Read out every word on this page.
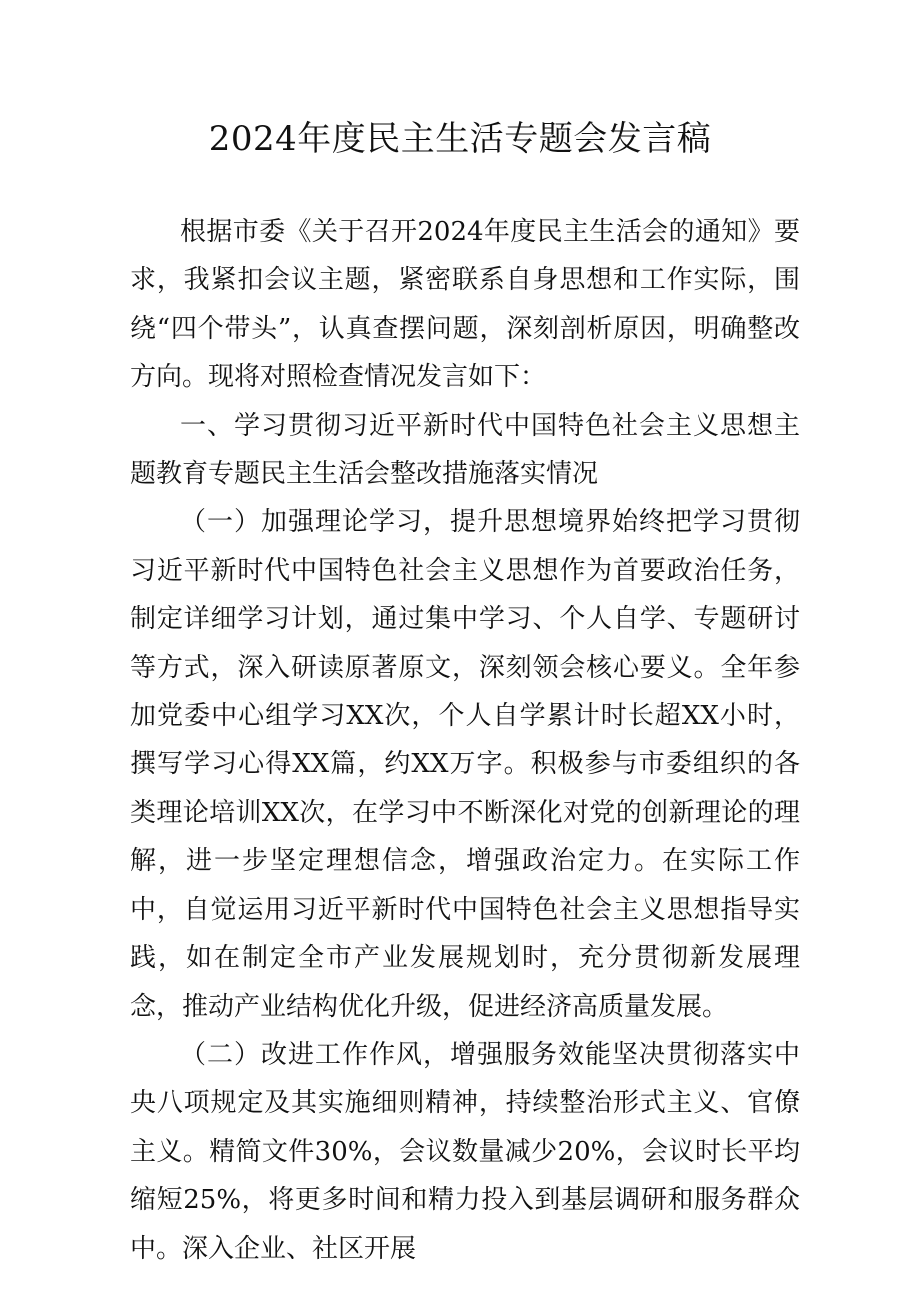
2024年度民主生活专题会发言稿

根据市委《关于召开2024年度民主生活会的通知》要求，我紧扣会议主题，紧密联系自身思想和工作实际，围绕“四个带头”，认真查摆问题，深刻剖析原因，明确整改方向。现将对照检查情况发言如下：

一、学习贯彻习近平新时代中国特色社会主义思想主题教育专题民主生活会整改措施落实情况

（一）加强理论学习，提升思想境界始终把学习贯彻习近平新时代中国特色社会主义思想作为首要政治任务，制定详细学习计划，通过集中学习、个人自学、专题研讨等方式，深入研读原著原文，深刻领会核心要义。全年参加党委中心组学习XX次，个人自学累计时长超XX小时，撰写学习心得XX篇，约XX万字。积极参与市委组织的各类理论培训XX次，在学习中不断深化对党的创新理论的理解，进一步坚定理想信念，增强政治定力。在实际工作中，自觉运用习近平新时代中国特色社会主义思想指导实践，如在制定全市产业发展规划时，充分贯彻新发展理念，推动产业结构优化升级，促进经济高质量发展。

（二）改进工作作风，增强服务效能坚决贯彻落实中央八项规定及其实施细则精神，持续整治形式主义、官僚主义。精简文件30%，会议数量减少20%，会议时长平均缩短25%，将更多时间和精力投入到基层调研和服务群众中。深入企业、社区开展
